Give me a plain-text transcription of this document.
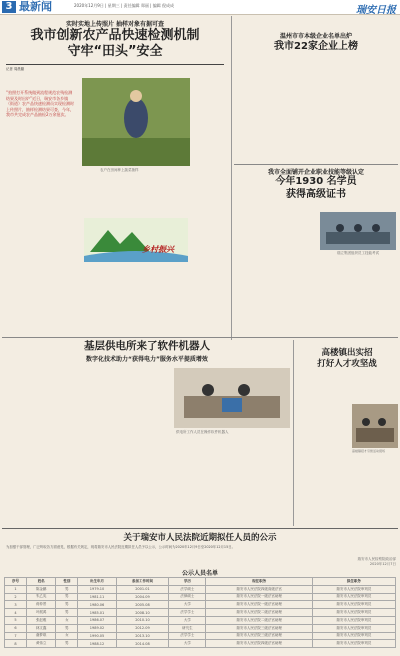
3 最新闻	2020年12月9日 | 星期三 | 责任编辑 郑丽 | 编辑 倪成成	瑞安日报
实时实地上传照片 抽样对象有据可查
我市创新农产品快速检测机制
守牢“田头”安全
记者 周晨璐
“拍照打开系统做到流程规范农残检测结果及时出炉”近日，瑞安市各乡镇（街道）农产品快速检测员实现检测时上传照片，抽样检测结果可查，今年，我市共完成农产品抽检2万余批次。

农户在田间种上蔬菜抽样
乡村振兴
温州市市本级企业名单出炉
我市22家企业上榜
我市全面铺开企业职业技能等级认定
今年1930 名学员
获得高级证书
瑞立集团组织员工技能考试
基层供电所来了软件机器人
数字化技术助力“获得电力”服务水平提质增效
供电所工作人员在操作软件机器人
高楼镇出实招
打好人才攻坚战
高楼镇招才引智活动现场
关于瑞安市人民法院近期拟任人员的公示
为加强干部管理，广泛听取各方面意见，根据有关规定，现将瑞安市人民法院近期拟任人员予以公示，公示时间为2020年12月9日至2020年12月15日。
瑞安市人民检察院政治部
2020年12月7日
公示人员名单
序号	姓名	性别	出生年月	参加工作时间	学历	现任职务	拟任职务
1	陈金鹏	男	1979.10	2001.01	法学硕士	瑞安市人民法院四级高级法官	瑞安市人民法院审判员
2	朱乙宪	男	1981.11	2004.09	法律硕士	瑞安市人民法院一级法官助理	瑞安市人民法院审判员
3	蒋仲景	男	1980.06	2005.08	大学	瑞安市人民法院一级法官助理	瑞安市人民法院审判员
4	叶展鸿	男	1985.01	2008.10	法学学士	瑞安市人民法院二级法官助理	瑞安市人民法院审判员
5	张赵雅	女	1986.07	2010.10	大学	瑞安市人民法院二级法官助理	瑞安市人民法院审判员
6	林文鑫	男	1989.02	2012.09	研究生	瑞安市人民法院三级法官助理	瑞安市人民法院审判员
7	谢梦琪	女	1990.05	2013.10	法学学士	瑞安市人民法院三级法官助理	瑞安市人民法院审判员
8	黄伟立	男	1988.12	2014.08	大学	瑞安市人民法院四级法官助理	瑞安市人民法院审判员
